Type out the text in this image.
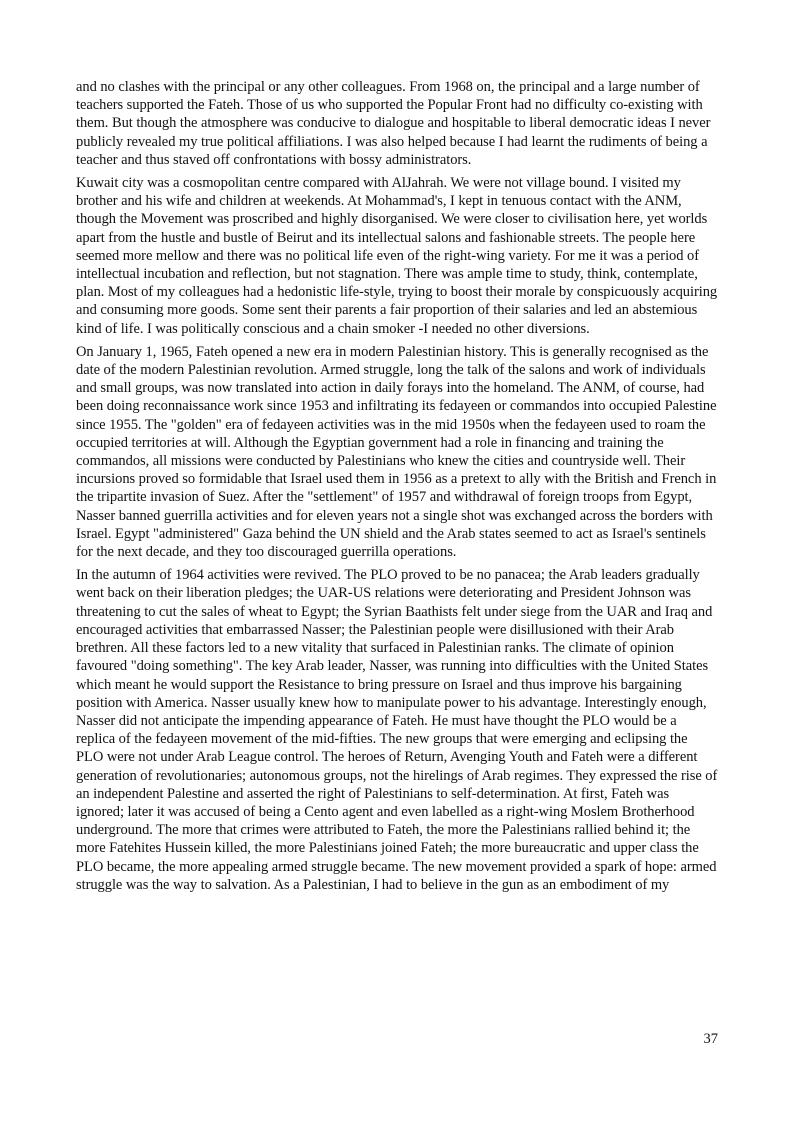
and no clashes with the principal or any other colleagues. From 1968 on, the principal and a large number of teachers supported the Fateh. Those of us who supported the Popular Front had no difficulty co-existing with them. But though the atmosphere was conducive to dialogue and hospitable to liberal democratic ideas I never publicly revealed my true political affiliations. I was also helped because I had learnt the rudiments of being a teacher and thus staved off confrontations with bossy administrators.

Kuwait city was a cosmopolitan centre compared with AlJahrah. We were not village bound. I visited my brother and his wife and children at weekends. At Mohammad's, I kept in tenuous contact with the ANM, though the Movement was proscribed and highly disorganised. We were closer to civilisation here, yet worlds apart from the hustle and bustle of Beirut and its intellectual salons and fashionable streets. The people here seemed more mellow and there was no political life even of the right-wing variety. For me it was a period of intellectual incubation and reflection, but not stagnation. There was ample time to study, think, contemplate, plan. Most of my colleagues had a hedonistic life-style, trying to boost their morale by conspicuously acquiring and consuming more goods. Some sent their parents a fair proportion of their salaries and led an abstemious kind of life. I was politically conscious and a chain smoker -I needed no other diversions.

On January 1, 1965, Fateh opened a new era in modern Palestinian history. This is generally recognised as the date of the modern Palestinian revolution. Armed struggle, long the talk of the salons and work of individuals and small groups, was now translated into action in daily forays into the homeland. The ANM, of course, had been doing reconnaissance work since 1953 and infiltrating its fedayeen or commandos into occupied Palestine since 1955. The "golden" era of fedayeen activities was in the mid 1950s when the fedayeen used to roam the occupied territories at will. Although the Egyptian government had a role in financing and training the commandos, all missions were conducted by Palestinians who knew the cities and countryside well. Their incursions proved so formidable that Israel used them in 1956 as a pretext to ally with the British and French in the tripartite invasion of Suez. After the "settlement" of 1957 and withdrawal of foreign troops from Egypt, Nasser banned guerrilla activities and for eleven years not a single shot was exchanged across the borders with Israel. Egypt "administered" Gaza behind the UN shield and the Arab states seemed to act as Israel's sentinels for the next decade, and they too discouraged guerrilla operations.

In the autumn of 1964 activities were revived. The PLO proved to be no panacea; the Arab leaders gradually went back on their liberation pledges; the UAR-US relations were deteriorating and President Johnson was threatening to cut the sales of wheat to Egypt; the Syrian Baathists felt under siege from the UAR and Iraq and encouraged activities that embarrassed Nasser; the Palestinian people were disillusioned with their Arab brethren. All these factors led to a new vitality that surfaced in Palestinian ranks. The climate of opinion favoured "doing something". The key Arab leader, Nasser, was running into difficulties with the United States which meant he would support the Resistance to bring pressure on Israel and thus improve his bargaining position with America. Nasser usually knew how to manipulate power to his advantage. Interestingly enough, Nasser did not anticipate the impending appearance of Fateh. He must have thought the PLO would be a replica of the fedayeen movement of the mid-fifties. The new groups that were emerging and eclipsing the PLO were not under Arab League control. The heroes of Return, Avenging Youth and Fateh were a different generation of revolutionaries; autonomous groups, not the hirelings of Arab regimes. They expressed the rise of an independent Palestine and asserted the right of Palestinians to self-determination. At first, Fateh was ignored; later it was accused of being a Cento agent and even labelled as a right-wing Moslem Brotherhood underground. The more that crimes were attributed to Fateh, the more the Palestinians rallied behind it; the more Fatehites Hussein killed, the more Palestinians joined Fateh; the more bureaucratic and upper class the PLO became, the more appealing armed struggle became. The new movement provided a spark of hope: armed struggle was the way to salvation. As a Palestinian, I had to believe in the gun as an embodiment of my

37
